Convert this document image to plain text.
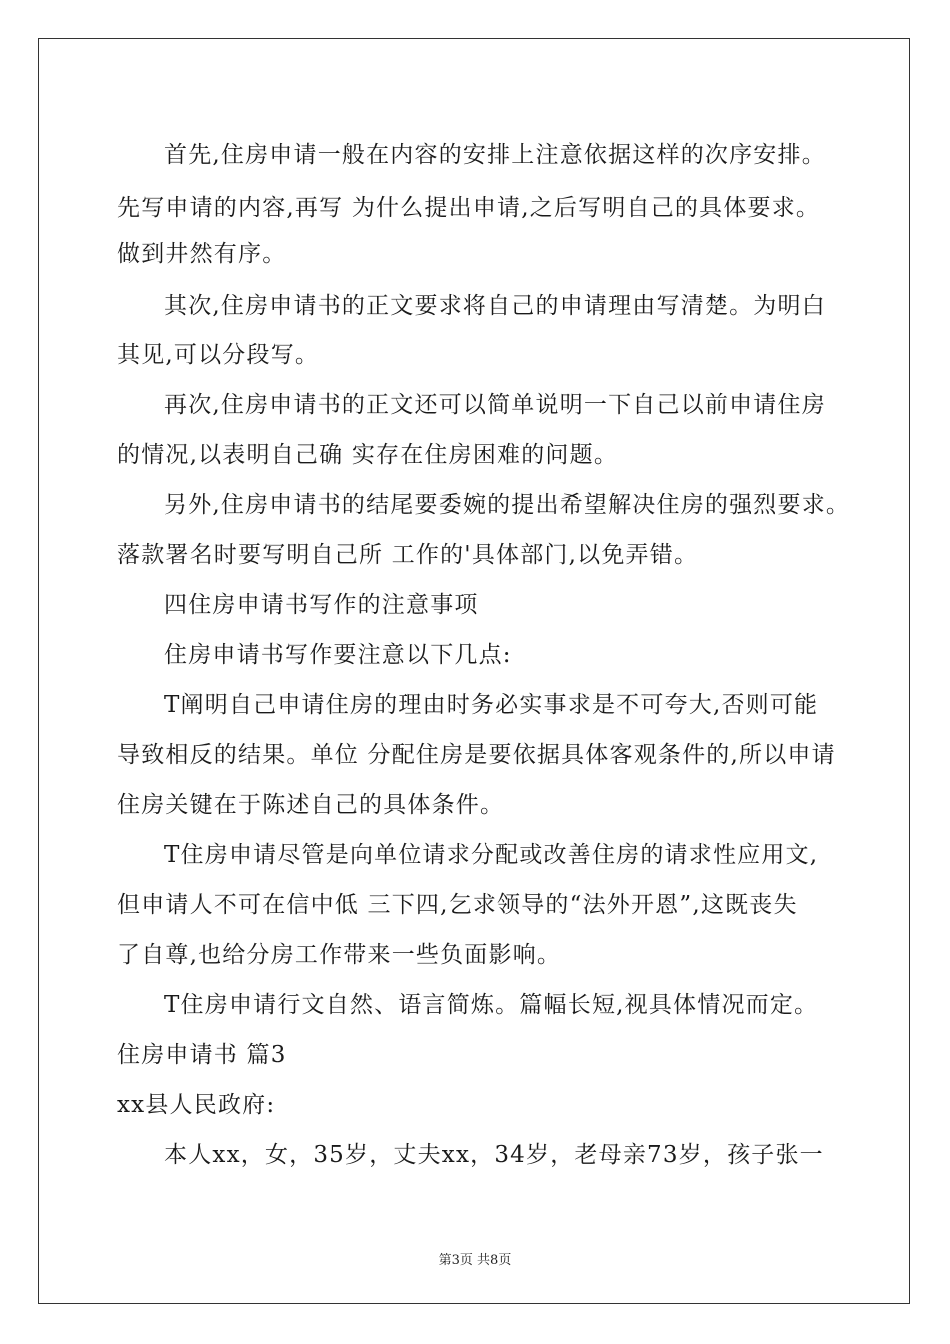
首先,住房申请一般在内容的安排上注意依据这样的次序安排。
先写申请的内容,再写 为什么提出申请,之后写明自己的具体要求。
做到井然有序。
其次,住房申请书的正文要求将自己的申请理由写清楚。为明白
其见,可以分段写。
再次,住房申请书的正文还可以简单说明一下自己以前申请住房
的情况,以表明自己确 实存在住房困难的问题。
另外,住房申请书的结尾要委婉的提出希望解决住房的强烈要求。
落款署名时要写明自己所 工作的'具体部门,以免弄错。
四住房申请书写作的注意事项
住房申请书写作要注意以下几点:
T阐明自己申请住房的理由时务必实事求是不可夸大,否则可能
导致相反的结果。单位 分配住房是要依据具体客观条件的,所以申请
住房关键在于陈述自己的具体条件。
T住房申请尽管是向单位请求分配或改善住房的请求性应用文,
但申请人不可在信中低 三下四,乞求领导的“法外开恩”,这既丧失
了自尊,也给分房工作带来一些负面影响。
T住房申请行文自然、语言简炼。篇幅长短,视具体情况而定。
住房申请书 篇3
xx县人民政府:
本人xx，女，35岁，丈夫xx，34岁，老母亲73岁，孩子张一
第3页 共8页
